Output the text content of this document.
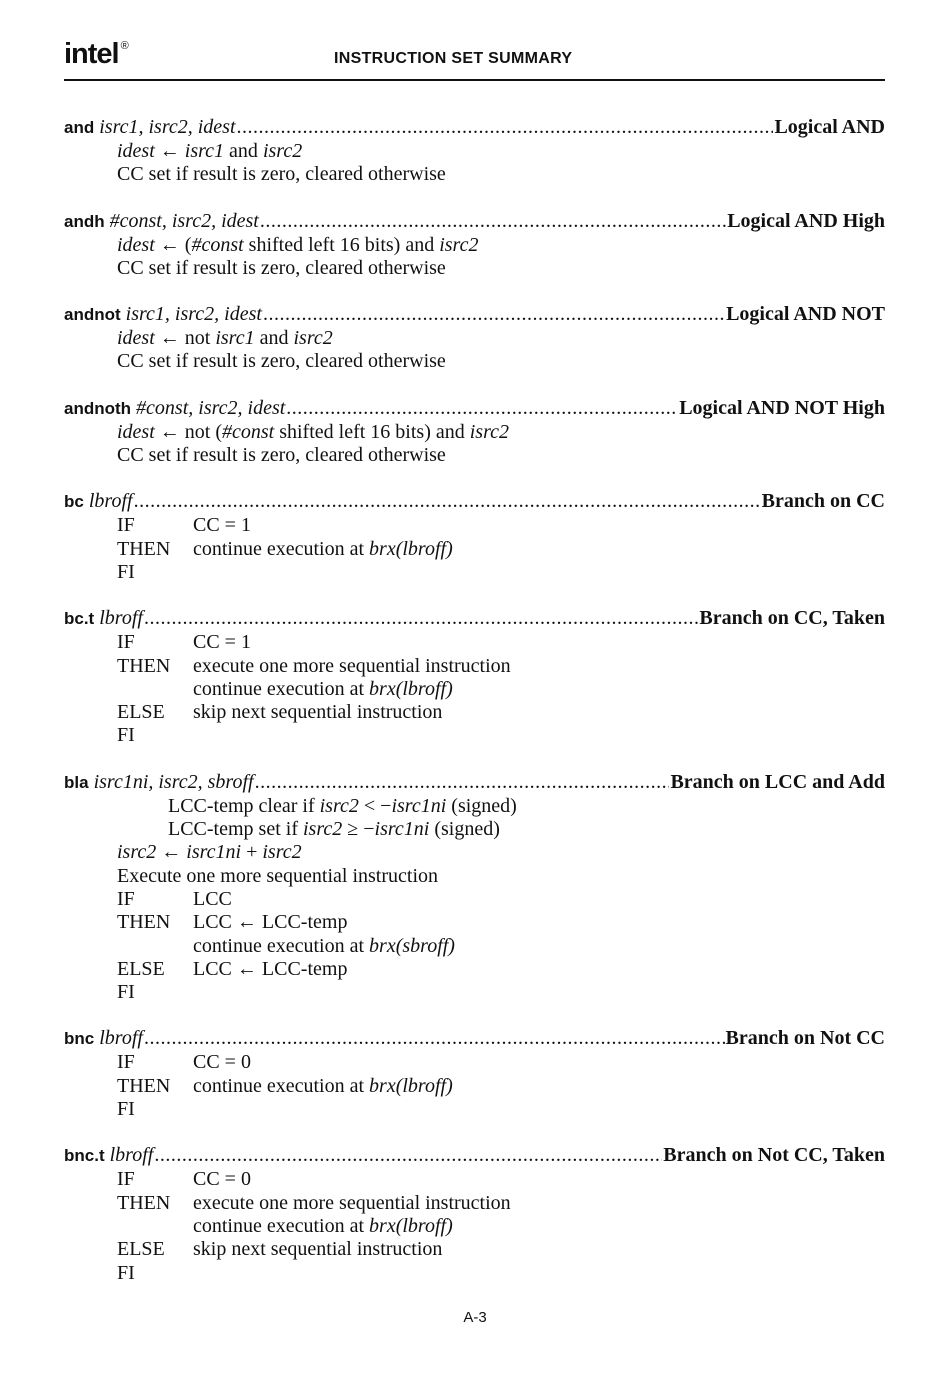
intel ®
INSTRUCTION SET SUMMARY
and isrc1, isrc2, idest .....	Logical AND
idest ← isrc1 and isrc2
CC set if result is zero, cleared otherwise
andh #const, isrc2, idest .....	Logical AND High
idest ← (#const shifted left 16 bits) and isrc2
CC set if result is zero, cleared otherwise
andnot isrc1, isrc2, idest .....	Logical AND NOT
idest ← not isrc1 and isrc2
CC set if result is zero, cleared otherwise
andnoth #const, isrc2, idest .....	Logical AND NOT High
idest ← not (#const shifted left 16 bits) and isrc2
CC set if result is zero, cleared otherwise
bc lbroff .....	Branch on CC
IF	CC = 1
THEN continue execution at brx(lbroff)
FI
bc.t lbroff .....	Branch on CC, Taken
IF	CC = 1
THEN execute one more sequential instruction
continue execution at brx(lbroff)
ELSE skip next sequential instruction
FI
bla isrc1ni, isrc2, sbroff .....	Branch on LCC and Add
LCC-temp clear if isrc2 < −isrc1ni (signed)
LCC-temp set if isrc2 ≥ −isrc1ni (signed)
isrc2 ← isrc1ni + isrc2
Execute one more sequential instruction
IF	LCC
THEN LCC ← LCC-temp
continue execution at brx(sbroff)
ELSE LCC ← LCC-temp
FI
bnc lbroff .....	Branch on Not CC
IF	CC = 0
THEN continue execution at brx(lbroff)
FI
bnc.t lbroff .....	Branch on Not CC, Taken
IF	CC = 0
THEN execute one more sequential instruction
continue execution at brx(lbroff)
ELSE skip next sequential instruction
FI
A-3
